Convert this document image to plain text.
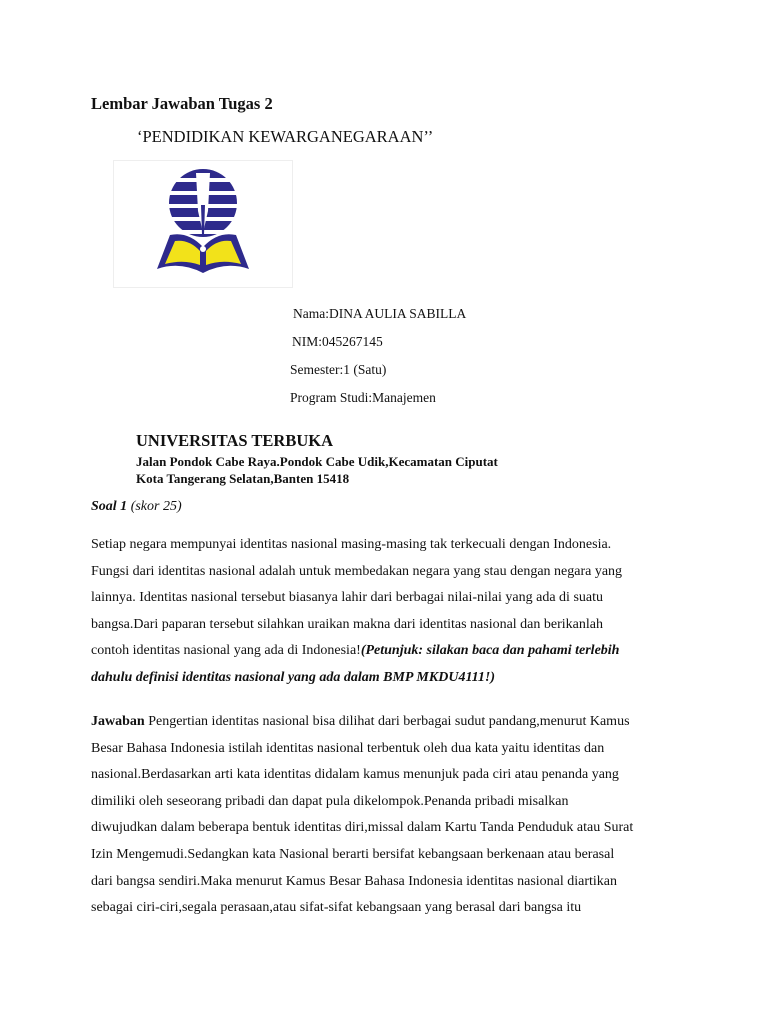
Lembar Jawaban Tugas 2

‘PENDIDIKAN KEWARGANEGARAAN’’

Nama:DINA AULIA SABILLA
NIM:045267145
Semester:1 (Satu)
Program Studi:Manajemen
UNIVERSITAS TERBUKA
Jalan Pondok Cabe Raya.Pondok Cabe Udik,Kecamatan Ciputat
Kota Tangerang Selatan,Banten 15418
Soal 1 (skor 25)
Setiap negara mempunyai identitas nasional masing-masing tak terkecuali dengan Indonesia.
Fungsi dari identitas nasional adalah untuk membedakan negara yang stau dengan negara yang
lainnya. Identitas nasional tersebut biasanya lahir dari berbagai nilai-nilai yang ada di suatu
bangsa.Dari paparan tersebut silahkan uraikan makna dari identitas nasional dan berikanlah
contoh identitas nasional yang ada di Indonesia!(Petunjuk: silakan baca dan pahami terlebih
dahulu definisi identitas nasional yang ada dalam BMP MKDU4111!)
Jawaban Pengertian identitas nasional bisa dilihat dari berbagai sudut pandang,menurut Kamus
Besar Bahasa Indonesia istilah identitas nasional terbentuk oleh dua kata yaitu identitas dan
nasional.Berdasarkan arti kata identitas didalam kamus menunjuk pada ciri atau penanda yang
dimiliki oleh seseorang pribadi dan dapat pula dikelompok.Penanda pribadi misalkan
diwujudkan dalam beberapa bentuk identitas diri,missal dalam Kartu Tanda Penduduk atau Surat
Izin Mengemudi.Sedangkan kata Nasional berarti bersifat kebangsaan berkenaan atau berasal
dari bangsa sendiri.Maka menurut Kamus Besar Bahasa Indonesia identitas nasional diartikan
sebagai ciri-ciri,segala perasaan,atau sifat-sifat kebangsaan yang berasal dari bangsa itu
